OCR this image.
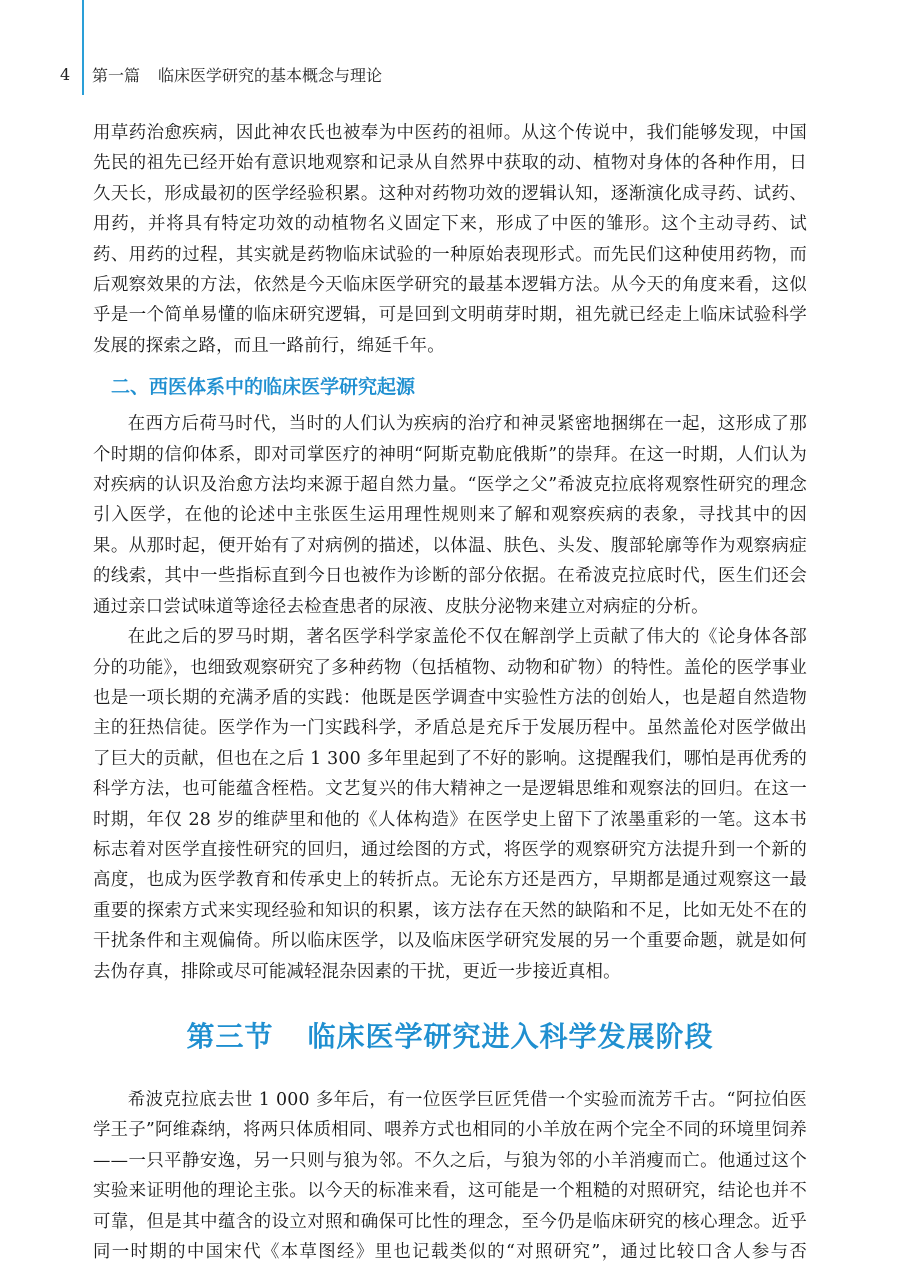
4	第一篇 临床医学研究的基本概念与理论

用草药治愈疾病，因此神农氏也被奉为中医药的祖师。从这个传说中，我们能够发现，中国先民的祖先已经开始有意识地观察和记录从自然界中获取的动、植物对身体的各种作用，日久天长，形成最初的医学经验积累。这种对药物功效的逻辑认知，逐渐演化成寻药、试药、用药，并将具有特定功效的动植物名义固定下来，形成了中医的雏形。这个主动寻药、试药、用药的过程，其实就是药物临床试验的一种原始表现形式。而先民们这种使用药物，而后观察效果的方法，依然是今天临床医学研究的最基本逻辑方法。从今天的角度来看，这似乎是一个简单易懂的临床研究逻辑，可是回到文明萌芽时期，祖先就已经走上临床试验科学发展的探索之路，而且一路前行，绵延千年。

二、西医体系中的临床医学研究起源

在西方后荷马时代，当时的人们认为疾病的治疗和神灵紧密地捆绑在一起，这形成了那个时期的信仰体系，即对司掌医疗的神明“阿斯克勒庇俄斯”的崇拜。在这一时期，人们认为对疾病的认识及治愈方法均来源于超自然力量。“医学之父”希波克拉底将观察性研究的理念引入医学，在他的论述中主张医生运用理性规则来了解和观察疾病的表象，寻找其中的因果。从那时起，便开始有了对病例的描述，以体温、肤色、头发、腹部轮廓等作为观察病症的线索，其中一些指标直到今日也被作为诊断的部分依据。在希波克拉底时代，医生们还会通过亲口尝试味道等途径去检查患者的尿液、皮肤分泌物来建立对病症的分析。

在此之后的罗马时期，著名医学科学家盖伦不仅在解剖学上贡献了伟大的《论身体各部分的功能》，也细致观察研究了多种药物（包括植物、动物和矿物）的特性。盖伦的医学事业也是一项长期的充满矛盾的实践：他既是医学调查中实验性方法的创始人，也是超自然造物主的狂热信徒。医学作为一门实践科学，矛盾总是充斥于发展历程中。虽然盖伦对医学做出了巨大的贡献，但也在之后 1 300 多年里起到了不好的影响。这提醒我们，哪怕是再优秀的科学方法，也可能蕴含桎梏。文艺复兴的伟大精神之一是逻辑思维和观察法的回归。在这一时期，年仅 28 岁的维萨里和他的《人体构造》在医学史上留下了浓墨重彩的一笔。这本书标志着对医学直接性研究的回归，通过绘图的方式，将医学的观察研究方法提升到一个新的高度，也成为医学教育和传承史上的转折点。无论东方还是西方，早期都是通过观察这一最重要的探索方式来实现经验和知识的积累，该方法存在天然的缺陷和不足，比如无处不在的干扰条件和主观偏倚。所以临床医学，以及临床医学研究发展的另一个重要命题，就是如何去伪存真，排除或尽可能减轻混杂因素的干扰，更近一步接近真相。

第三节 临床医学研究进入科学发展阶段

希波克拉底去世 1 000 多年后，有一位医学巨匠凭借一个实验而流芳千古。“阿拉伯医学王子”阿维森纳，将两只体质相同、喂养方式也相同的小羊放在两个完全不同的环境里饲养——一只平静安逸，另一只则与狼为邻。不久之后，与狼为邻的小羊消瘦而亡。他通过这个实验来证明他的理论主张。以今天的标准来看，这可能是一个粗糙的对照研究，结论也并不可靠，但是其中蕴含的设立对照和确保可比性的理念，至今仍是临床研究的核心理念。近乎同一时期的中国宋代《本草图经》里也记载类似的“对照研究”，通过比较口含人参与否
